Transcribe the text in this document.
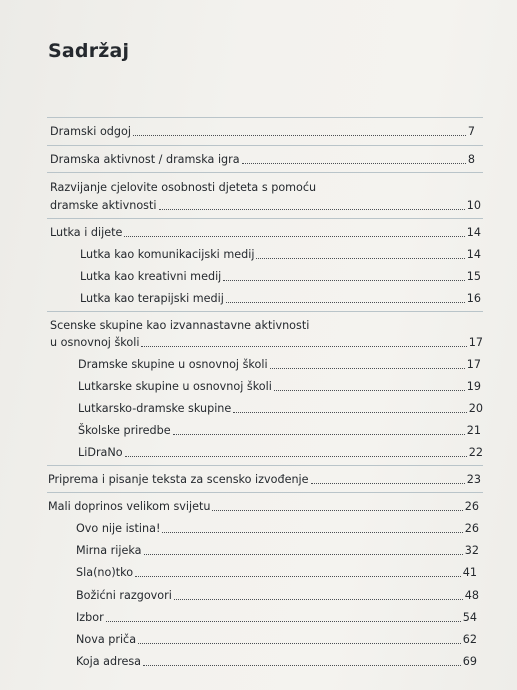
Sadržaj
Dramski odgoj	7
Dramska aktivnost / dramska igra	8
Razvijanje cjelovite osobnosti djeteta s pomoću
dramske aktivnosti	10
Lutka i dijete	14
Lutka kao komunikacijski medij	14
Lutka kao kreativni medij	15
Lutka kao terapijski medij	16
Scenske skupine kao izvannastavne aktivnosti
u osnovnoj školi	17
Dramske skupine u osnovnoj školi	17
Lutkarske skupine u osnovnoj školi	19
Lutkarsko-dramske skupine	20
Školske priredbe	21
LiDraNo	22
Priprema i pisanje teksta za scensko izvođenje	23
Mali doprinos velikom svijetu	26
Ovo nije istina!	26
Mirna rijeka	32
Sla(no)tko	41
Božićni razgovori	48
Izbor	54
Nova priča	62
Koja adresa	69
